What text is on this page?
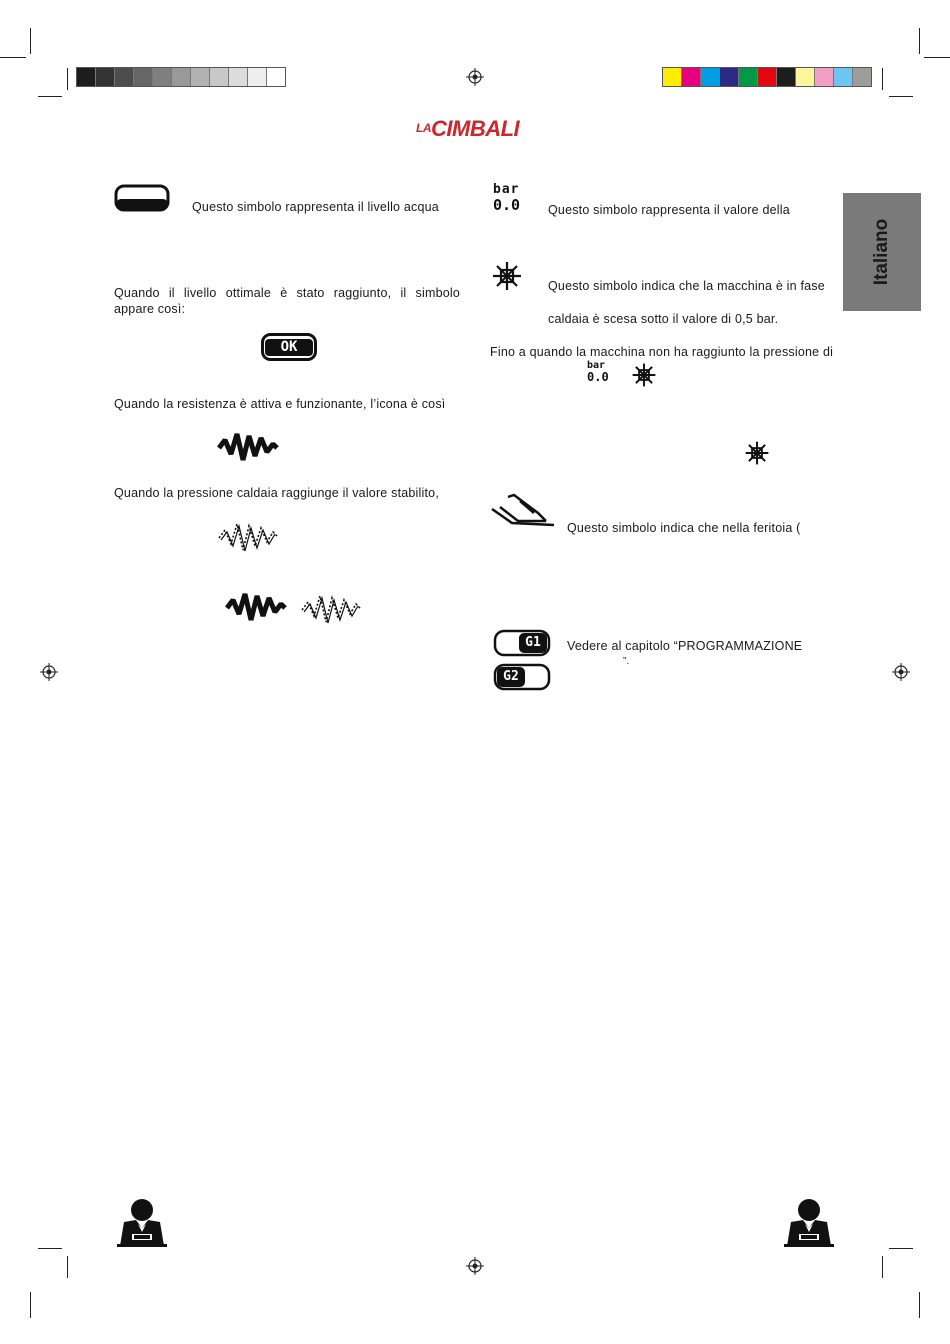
LACIMBALI
Italiano
Questo simbolo rappresenta il livello acqua
Quando il livello ottimale è stato raggiunto, il simbolo appare così:
OK
Quando la resistenza è attiva e funzionante, l’icona è così
Quando la pressione caldaia raggiunge il valore stabilito,
bar
0.0	Questo simbolo rappresenta il valore della
Questo simbolo indica che la macchina è in fase
caldaia è scesa sotto il valore di 0,5 bar.
Fino a quando la macchina non ha raggiunto la pressione di
bar
0.0
Questo simbolo indica che nella feritoia (
G1
G2
Vedere al capitolo “PROGRAMMAZIONE
”.
